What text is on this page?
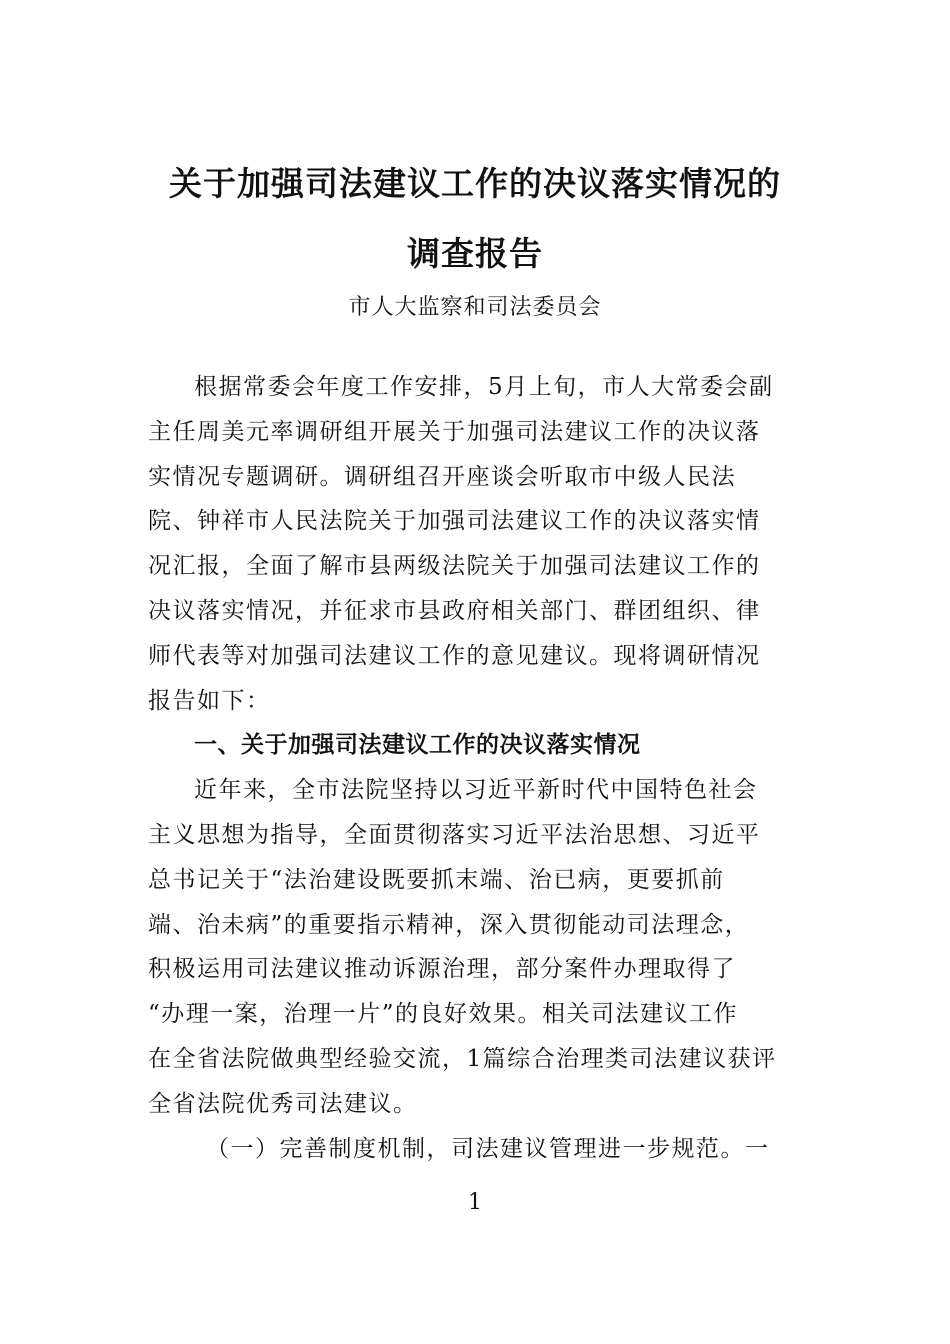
关于加强司法建议工作的决议落实情况的
调查报告
市人大监察和司法委员会
根据常委会年度工作安排，5月上旬，市人大常委会副
主任周美元率调研组开展关于加强司法建议工作的决议落
实情况专题调研。调研组召开座谈会听取市中级人民法
院、钟祥市人民法院关于加强司法建议工作的决议落实情
况汇报，全面了解市县两级法院关于加强司法建议工作的
决议落实情况，并征求市县政府相关部门、群团组织、律
师代表等对加强司法建议工作的意见建议。现将调研情况
报告如下：
一、关于加强司法建议工作的决议落实情况
近年来，全市法院坚持以习近平新时代中国特色社会
主义思想为指导，全面贯彻落实习近平法治思想、习近平
总书记关于“法治建设既要抓末端、治已病，更要抓前
端、治未病”的重要指示精神，深入贯彻能动司法理念，
积极运用司法建议推动诉源治理，部分案件办理取得了
“办理一案，治理一片”的良好效果。相关司法建议工作
在全省法院做典型经验交流，1篇综合治理类司法建议获评
全省法院优秀司法建议。
（一）完善制度机制，司法建议管理进一步规范。一
1
